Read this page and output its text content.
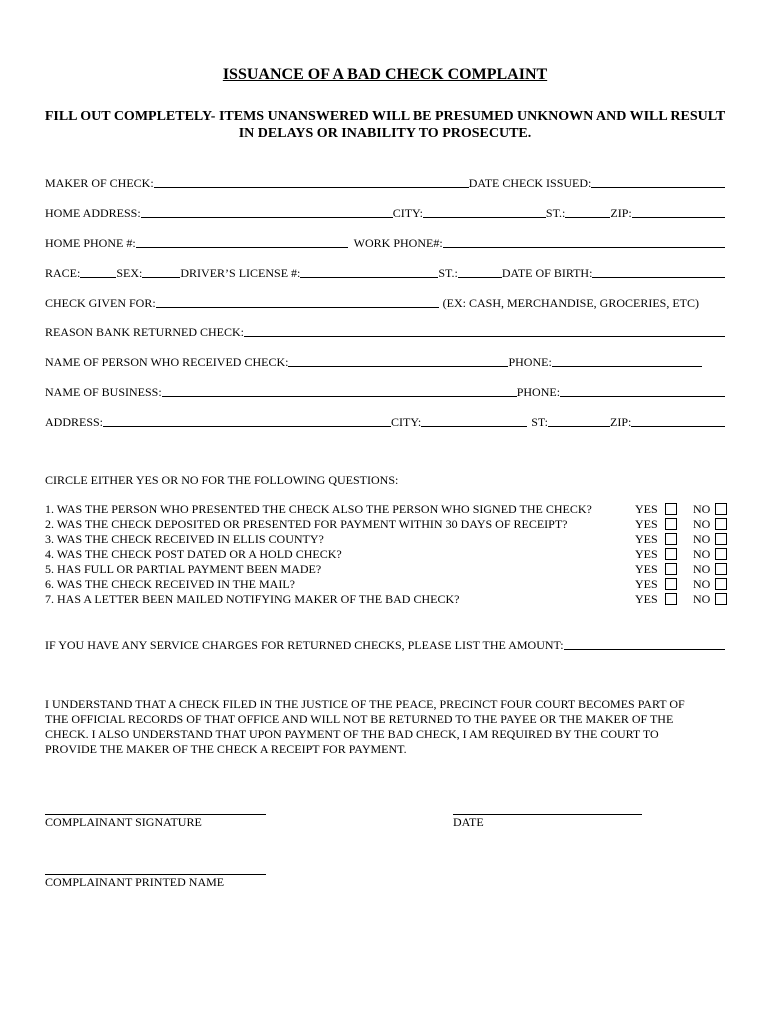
ISSUANCE OF A BAD CHECK COMPLAINT
FILL OUT COMPLETELY- ITEMS UNANSWERED WILL BE PRESUMED UNKNOWN AND WILL RESULT IN DELAYS OR INABILITY TO PROSECUTE.
MAKER OF CHECK:	DATE CHECK ISSUED:
HOME ADDRESS:	CITY:	ST.:	ZIP:
HOME PHONE #:	WORK PHONE#:
RACE:	SEX:	DRIVER’S LICENSE #:	ST.:	DATE OF BIRTH:
CHECK GIVEN FOR:	(EX: CASH, MERCHANDISE, GROCERIES, ETC)
REASON BANK RETURNED CHECK:
NAME OF PERSON WHO RECEIVED CHECK:	PHONE:
NAME OF BUSINESS:	PHONE:
ADDRESS:	CITY:	ST:	ZIP:
CIRCLE EITHER YES OR NO FOR THE FOLLOWING QUESTIONS:
1. WAS THE PERSON WHO PRESENTED THE CHECK ALSO THE PERSON WHO SIGNED THE CHECK?	YES	NO
2. WAS THE CHECK DEPOSITED OR PRESENTED FOR PAYMENT WITHIN 30 DAYS OF RECEIPT?	YES	NO
3. WAS THE CHECK RECEIVED IN ELLIS COUNTY?	YES	NO
4. WAS THE CHECK POST DATED OR A HOLD CHECK?	YES	NO
5. HAS FULL OR PARTIAL PAYMENT BEEN MADE?	YES	NO
6. WAS THE CHECK RECEIVED IN THE MAIL?	YES	NO
7. HAS A LETTER BEEN MAILED NOTIFYING MAKER OF THE BAD CHECK?	YES	NO
IF YOU HAVE ANY SERVICE CHARGES FOR RETURNED CHECKS, PLEASE LIST THE AMOUNT:
I UNDERSTAND THAT A CHECK FILED IN THE JUSTICE OF THE PEACE, PRECINCT FOUR COURT BECOMES PART OF
THE OFFICIAL RECORDS OF THAT OFFICE AND WILL NOT BE RETURNED TO THE PAYEE OR THE MAKER OF THE
CHECK. I ALSO UNDERSTAND THAT UPON PAYMENT OF THE BAD CHECK, I AM REQUIRED BY THE COURT TO
PROVIDE THE MAKER OF THE CHECK A RECEIPT FOR PAYMENT.
COMPLAINANT SIGNATURE	DATE
COMPLAINANT PRINTED NAME
